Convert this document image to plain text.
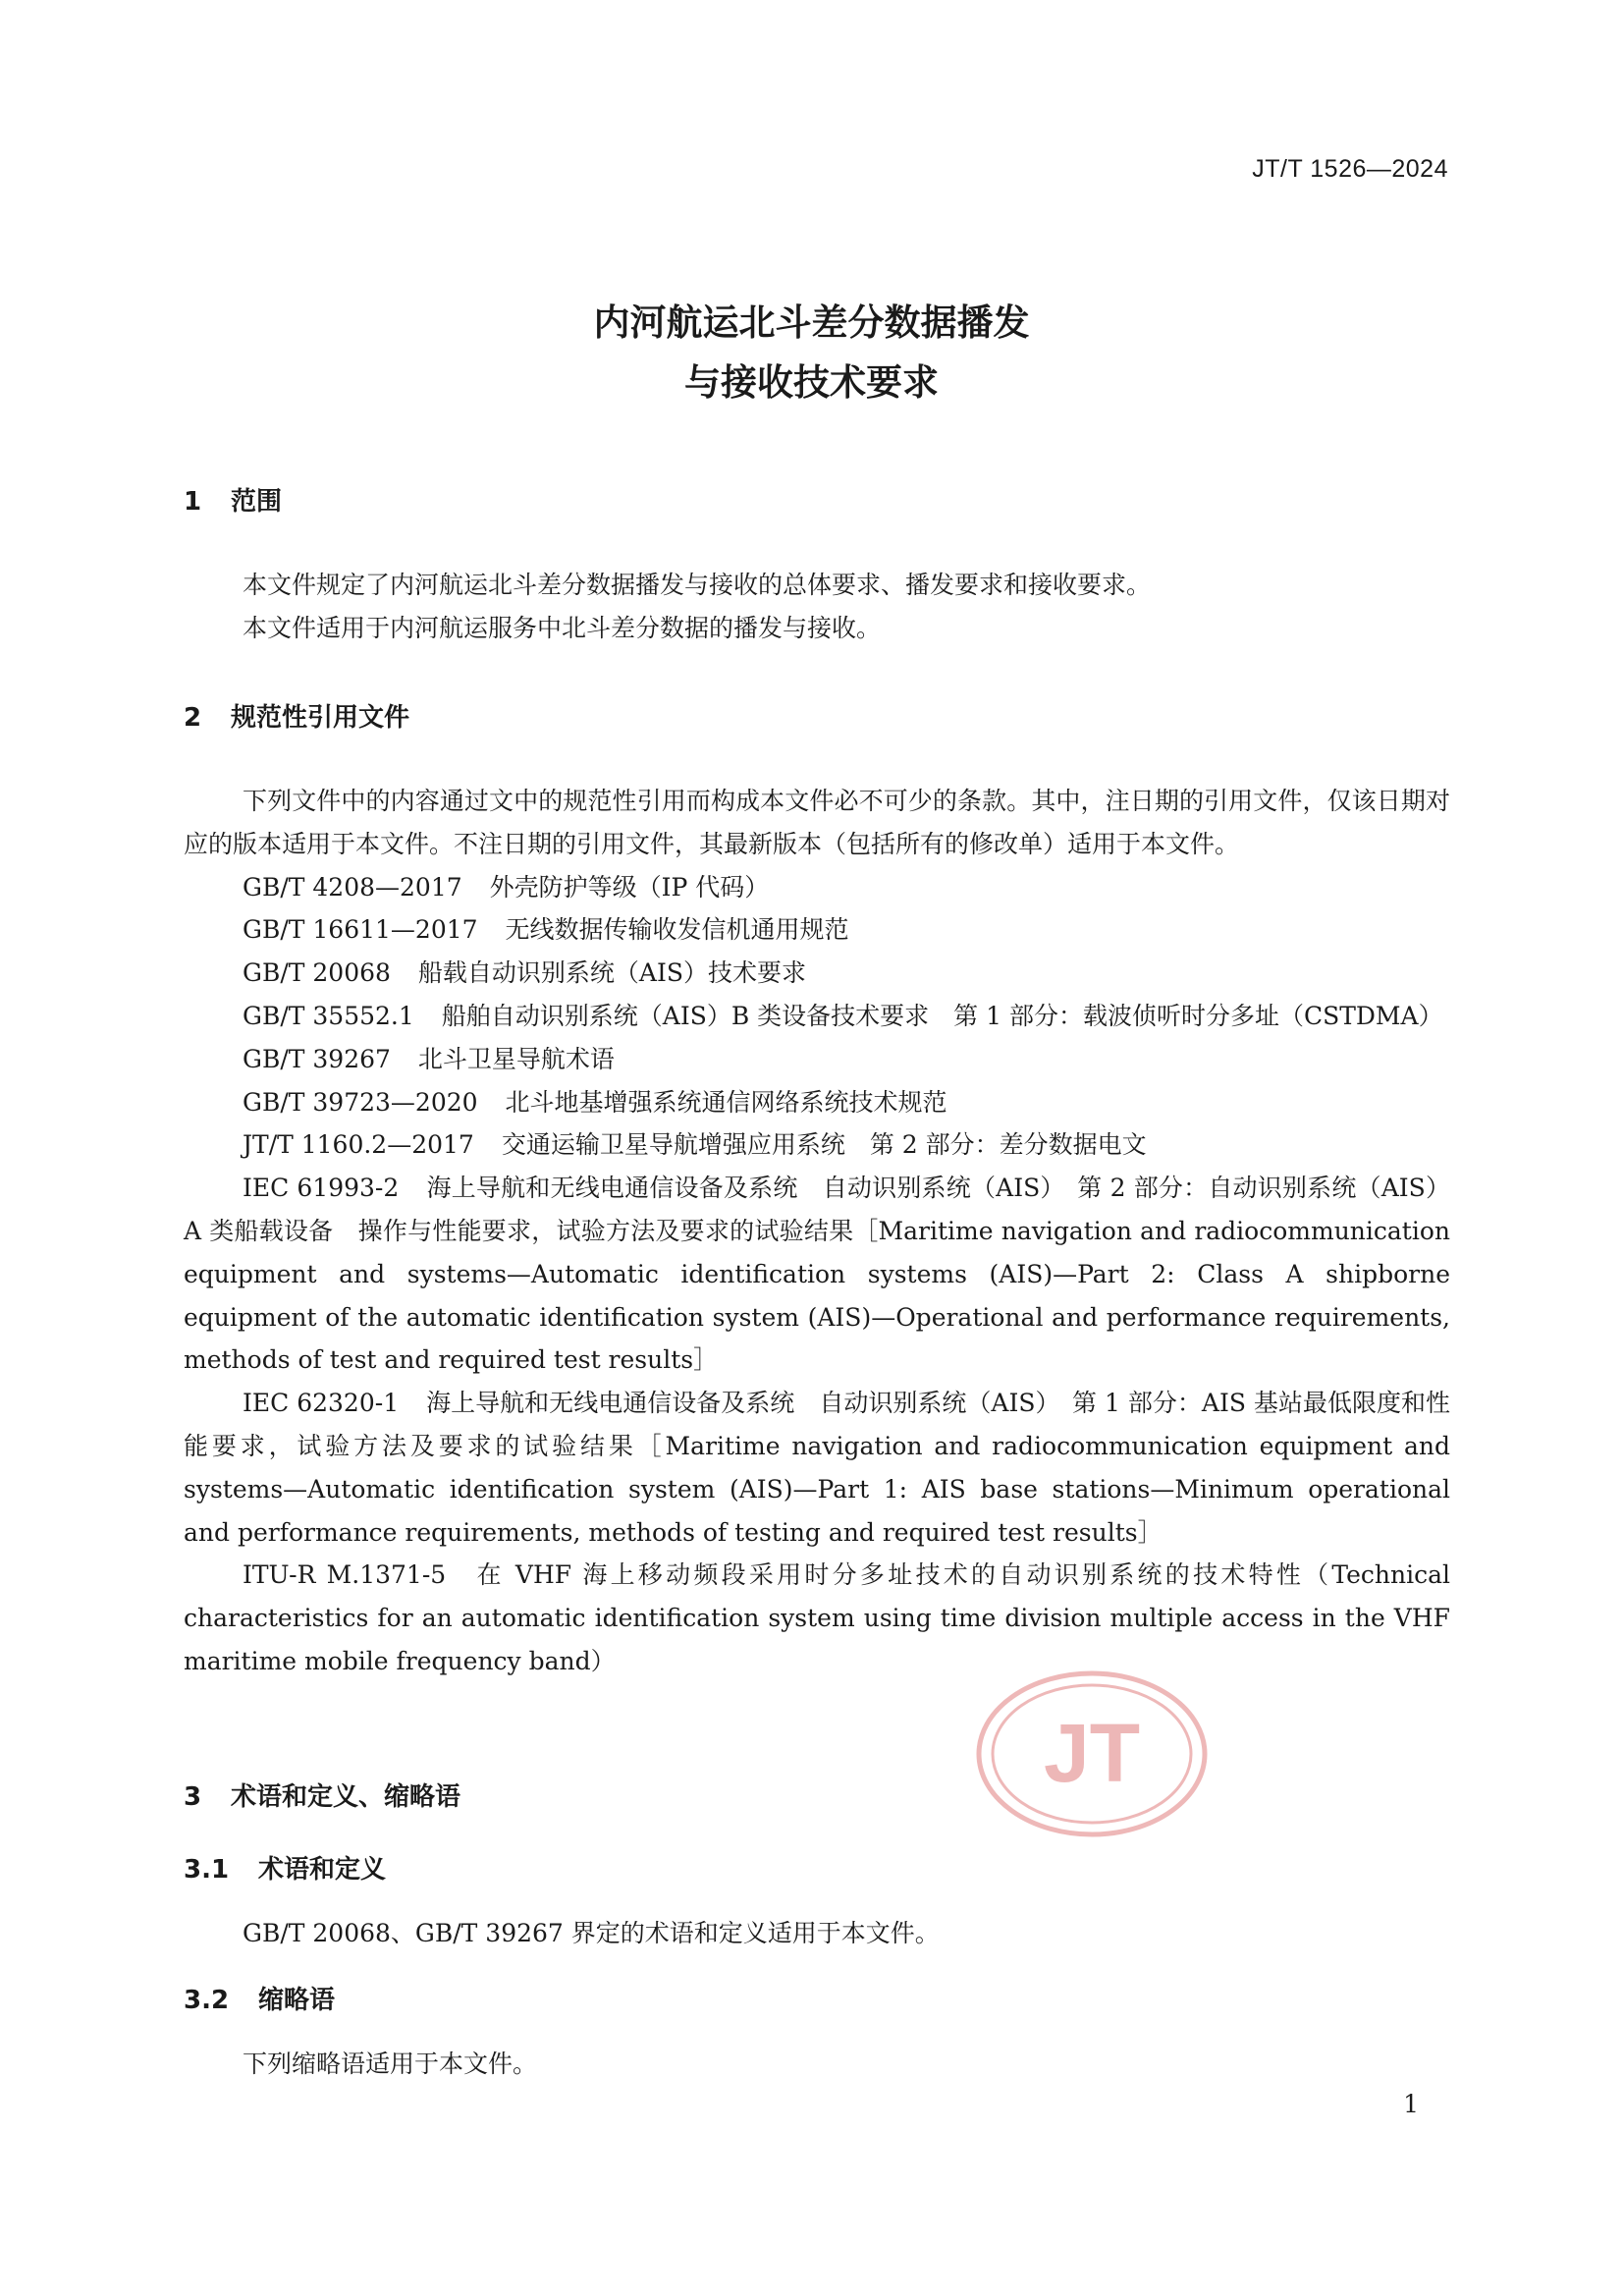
JT/T 1526—2024
内河航运北斗差分数据播发
与接收技术要求
1 范围

本文件规定了内河航运北斗差分数据播发与接收的总体要求、播发要求和接收要求。

本文件适用于内河航运服务中北斗差分数据的播发与接收。

2 规范性引用文件

下列文件中的内容通过文中的规范性引用而构成本文件必不可少的条款。其中，注日期的引用文件，仅该日期对应的版本适用于本文件。不注日期的引用文件，其最新版本（包括所有的修改单）适用于本文件。

GB/T 4208—2017 外壳防护等级（IP 代码）
GB/T 16611—2017 无线数据传输收发信机通用规范
GB/T 20068 船载自动识别系统（AIS）技术要求
GB/T 35552.1 船舶自动识别系统（AIS）B 类设备技术要求　第 1 部分：载波侦听时分多址（CSTDMA）
GB/T 39267 北斗卫星导航术语
GB/T 39723—2020 北斗地基增强系统通信网络系统技术规范
JT/T 1160.2—2017 交通运输卫星导航增强应用系统　第 2 部分：差分数据电文
IEC 61993-2 海上导航和无线电通信设备及系统　自动识别系统（AIS）　第 2 部分：自动识别系统（AIS）A 类船载设备　操作与性能要求，试验方法及要求的试验结果［Maritime navigation and radiocommunication equipment and systems—Automatic identification systems (AIS)—Part 2: Class A shipborne equipment of the automatic identification system (AIS)—Operational and performance requirements, methods of test and required test results］
IEC 62320-1 海上导航和无线电通信设备及系统　自动识别系统（AIS）　第 1 部分：AIS 基站最低限度和性能要求，试验方法及要求的试验结果［Maritime navigation and radiocommunication equipment and systems—Automatic identification system (AIS)—Part 1: AIS base stations—Minimum operational and performance requirements, methods of testing and required test results］
ITU-R M.1371-5 在 VHF 海上移动频段采用时分多址技术的自动识别系统的技术特性（Technical characteristics for an automatic identification system using time division multiple access in the VHF maritime mobile frequency band）
3 术语和定义、缩略语
3.1 术语和定义

GB/T 20068、GB/T 39267 界定的术语和定义适用于本文件。

3.2 缩略语

下列缩略语适用于本文件。

JT
1
